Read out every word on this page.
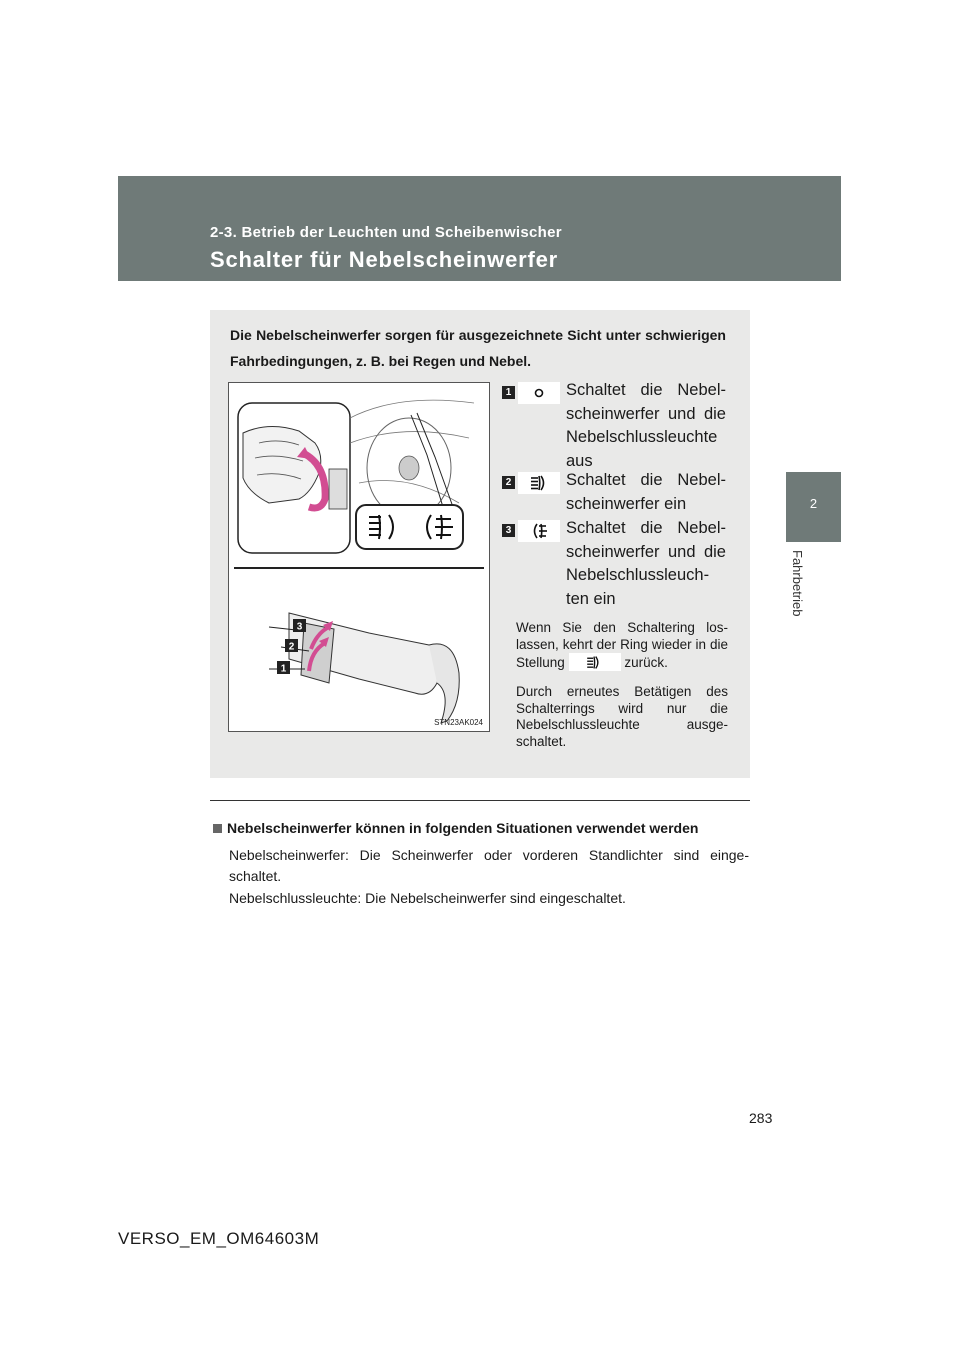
2-3. Betrieb der Leuchten und Scheibenwischer
Schalter für Nebelscheinwerfer
2
Fahrbetrieb
Die Nebelscheinwerfer sorgen für ausgezeichnete Sicht unter schwierigen Fahrbedingungen, z. B. bei Regen und Nebel.
3
2
1
STN23AK024
1	Schaltet die Nebel-scheinwerfer und die Nebelschlussleuchte aus
2	Schaltet die Nebel-scheinwerfer ein
3	Schaltet die Nebel-scheinwerfer und die Nebelschlussleuch-ten ein
Wenn Sie den Schaltering los-lassen, kehrt der Ring wieder in die Stellung	zurück.
Durch erneutes Betätigen des Schalterrings wird nur die Nebelschlussleuchte ausge-schaltet.
Nebelscheinwerfer können in folgenden Situationen verwendet werden
Nebelscheinwerfer: Die Scheinwerfer oder vorderen Standlichter sind einge-schaltet.
Nebelschlussleuchte: Die Nebelscheinwerfer sind eingeschaltet.
283
VERSO_EM_OM64603M
